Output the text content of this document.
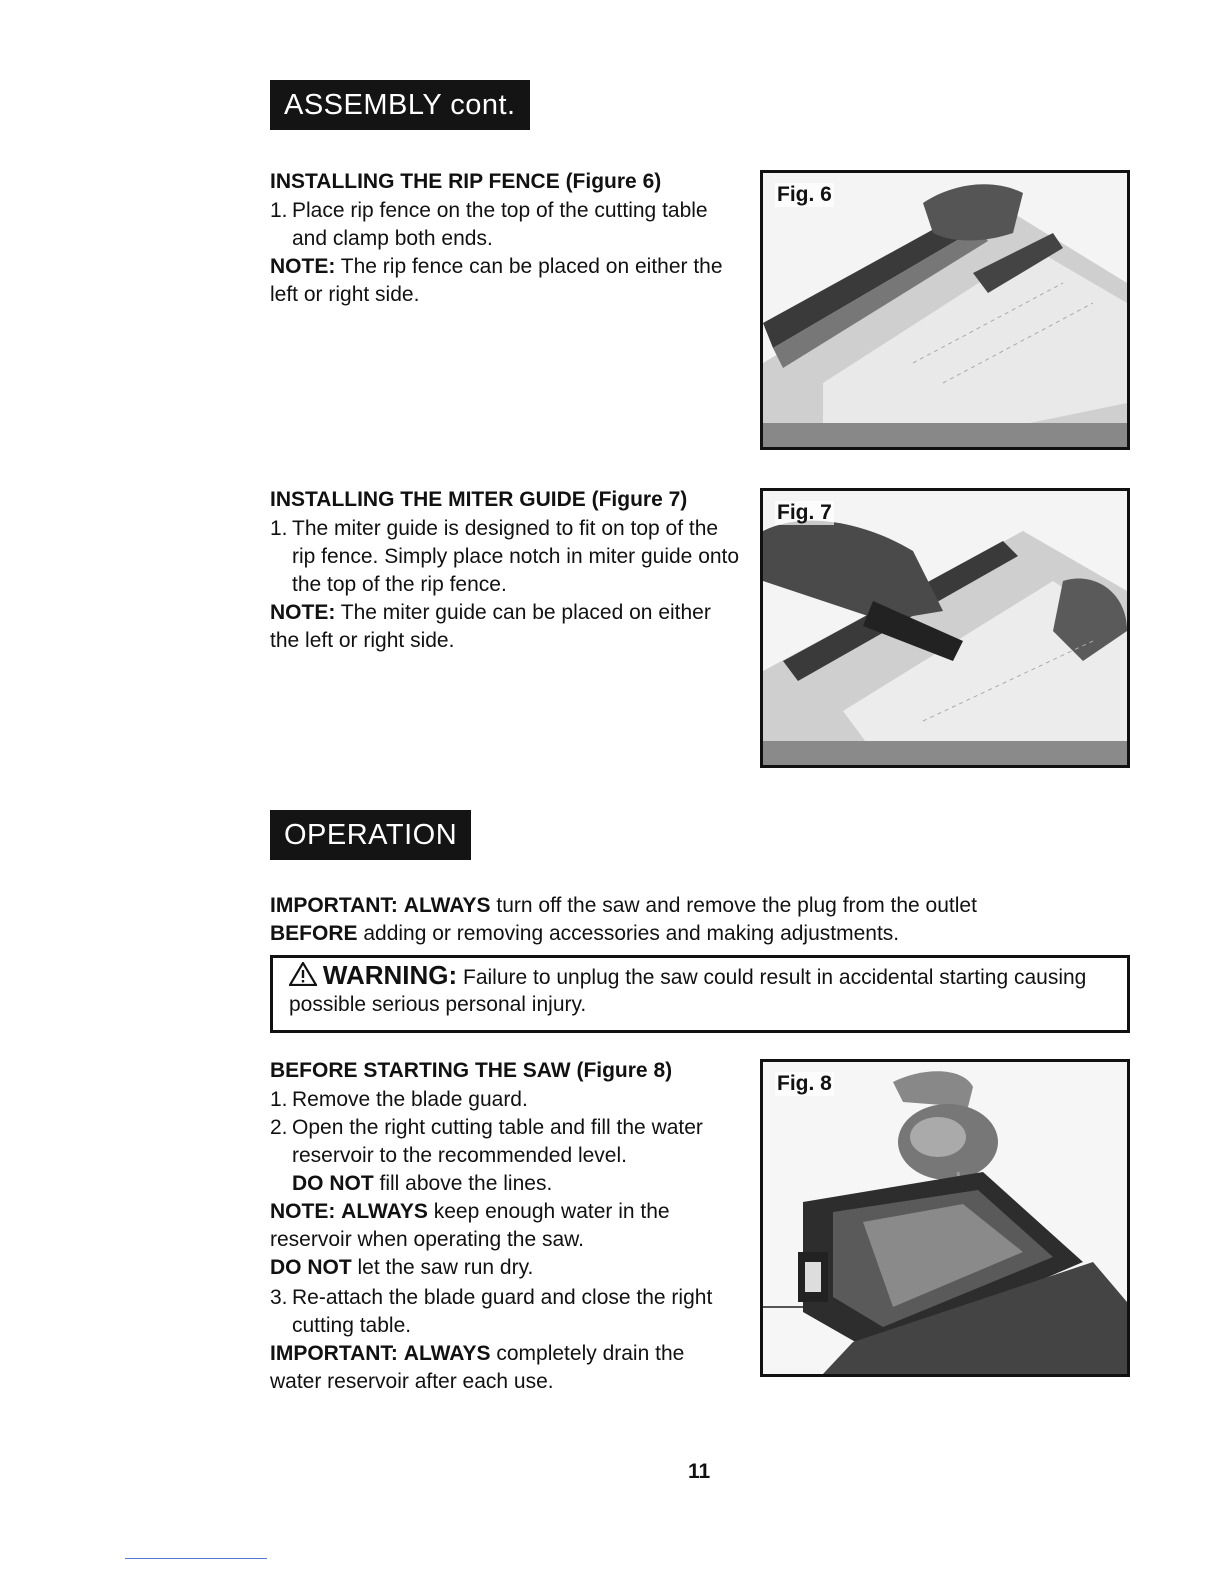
ASSEMBLY cont.
INSTALLING THE RIP FENCE (Figure 6)
1. Place rip fence on the top of the cutting table and clamp both ends.

NOTE: The rip fence can be placed on either the left or right side.

Fig. 6
INSTALLING THE MITER GUIDE (Figure 7)
1. The miter guide is designed to fit on top of the rip fence. Simply place notch in miter guide onto the top of the rip fence.

NOTE: The miter guide can be placed on either the left or right side.

Fig. 7
OPERATION

IMPORTANT: ALWAYS turn off the saw and remove the plug from the outlet

BEFORE adding or removing accessories and making adjustments.

WARNING: Failure to unplug the saw could result in accidental starting causing possible serious personal injury.
BEFORE STARTING THE SAW (Figure 8)
1. Remove the blade guard.
2. Open the right cutting table and fill the water reservoir to the recommended level.
DO NOT fill above the lines.

NOTE: ALWAYS keep enough water in the reservoir when operating the saw.
DO NOT let the saw run dry.

3. Re-attach the blade guard and close the right cutting table.

IMPORTANT: ALWAYS completely drain the water reservoir after each use.

Fig. 8
11
